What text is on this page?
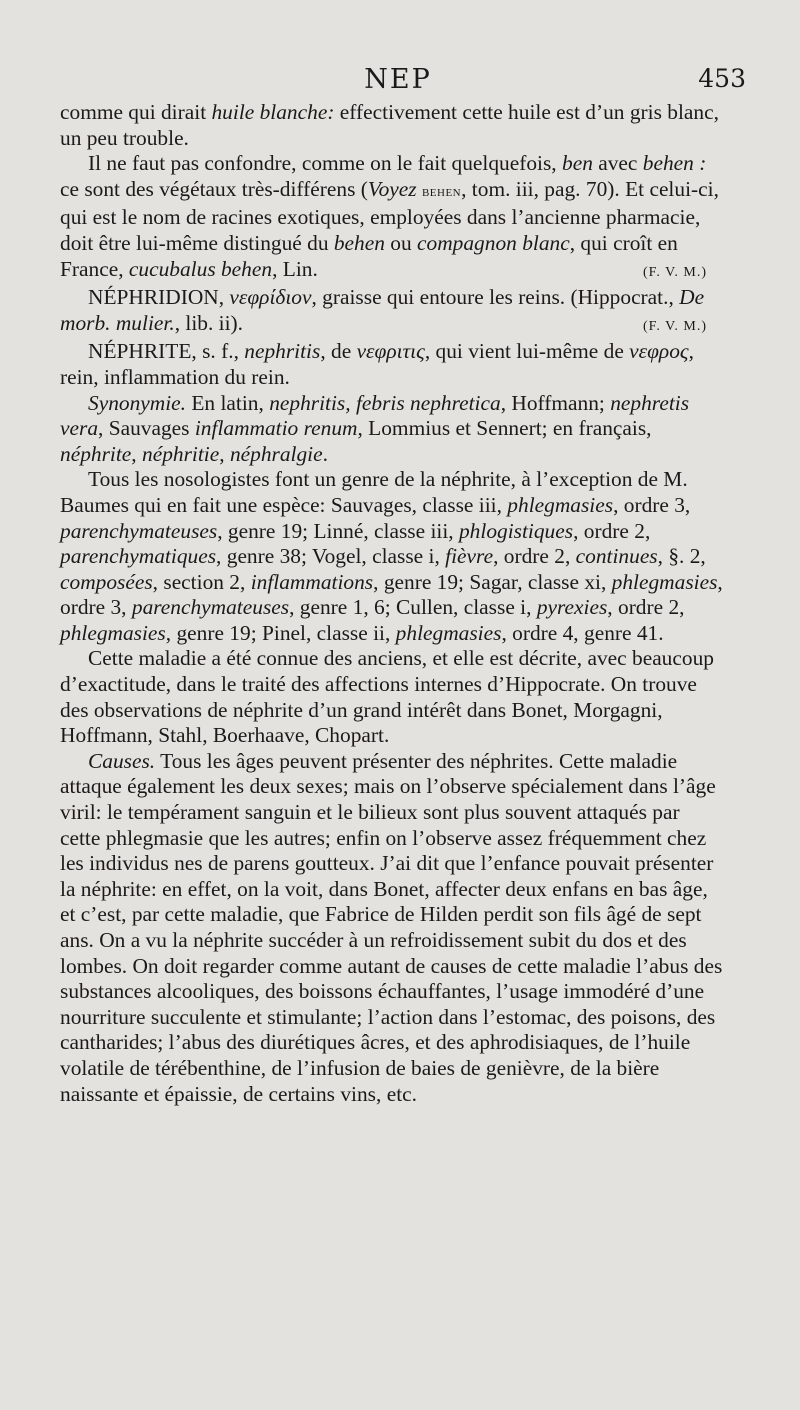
NEP	453

comme qui dirait huile blanche: effectivement cette huile est d’un gris blanc, un peu trouble.

Il ne faut pas confondre, comme on le fait quelquefois, ben avec behen : ce sont des végétaux très-différens (Voyez behen, tom. iii, pag. 70). Et celui-ci, qui est le nom de racines exotiques, employées dans l’ancienne pharmacie, doit être lui-même distingué du behen ou compagnon blanc, qui croît en France, cucubalus behen, Lin.	(F. V. M.)

NÉPHRIDION, νεφρίδιον, graisse qui entoure les reins. (Hippocrat., De morb. mulier., lib. ii).	(F. V. M.)

NÉPHRITE, s. f., nephritis, de νεφριτις, qui vient lui-même de νεφρος, rein, inflammation du rein.

Synonymie. En latin, nephritis, febris nephretica, Hoffmann; nephretis vera, Sauvages inflammatio renum, Lommius et Sennert; en français, néphrite, néphritie, néphralgie.

Tous les nosologistes font un genre de la néphrite, à l’exception de M. Baumes qui en fait une espèce: Sauvages, classe iii, phlegmasies, ordre 3, parenchymateuses, genre 19; Linné, classe iii, phlogistiques, ordre 2, parenchymatiques, genre 38; Vogel, classe i, fièvre, ordre 2, continues, §. 2, composées, section 2, inflammations, genre 19; Sagar, classe xi, phlegmasies, ordre 3, parenchymateuses, genre 1, 6; Cullen, classe i, pyrexies, ordre 2, phlegmasies, genre 19; Pinel, classe ii, phlegmasies, ordre 4, genre 41.

Cette maladie a été connue des anciens, et elle est décrite, avec beaucoup d’exactitude, dans le traité des affections internes d’Hippocrate. On trouve des observations de néphrite d’un grand intérêt dans Bonet, Morgagni, Hoffmann, Stahl, Boerhaave, Chopart.

Causes. Tous les âges peuvent présenter des néphrites. Cette maladie attaque également les deux sexes; mais on l’observe spécialement dans l’âge viril: le tempérament sanguin et le bilieux sont plus souvent attaqués par cette phlegmasie que les autres; enfin on l’observe assez fréquemment chez les individus nes de parens goutteux. J’ai dit que l’enfance pouvait présenter la néphrite: en effet, on la voit, dans Bonet, affecter deux enfans en bas âge, et c’est, par cette maladie, que Fabrice de Hilden perdit son fils âgé de sept ans. On a vu la néphrite succéder à un refroidissement subit du dos et des lombes. On doit regarder comme autant de causes de cette maladie l’abus des substances alcooliques, des boissons échauffantes, l’usage immodéré d’une nourriture succulente et stimulante; l’action dans l’estomac, des poisons, des cantharides; l’abus des diurétiques âcres, et des aphrodisiaques, de l’huile volatile de térébenthine, de l’infusion de baies de genièvre, de la bière naissante et épaissie, de certains vins, etc.
